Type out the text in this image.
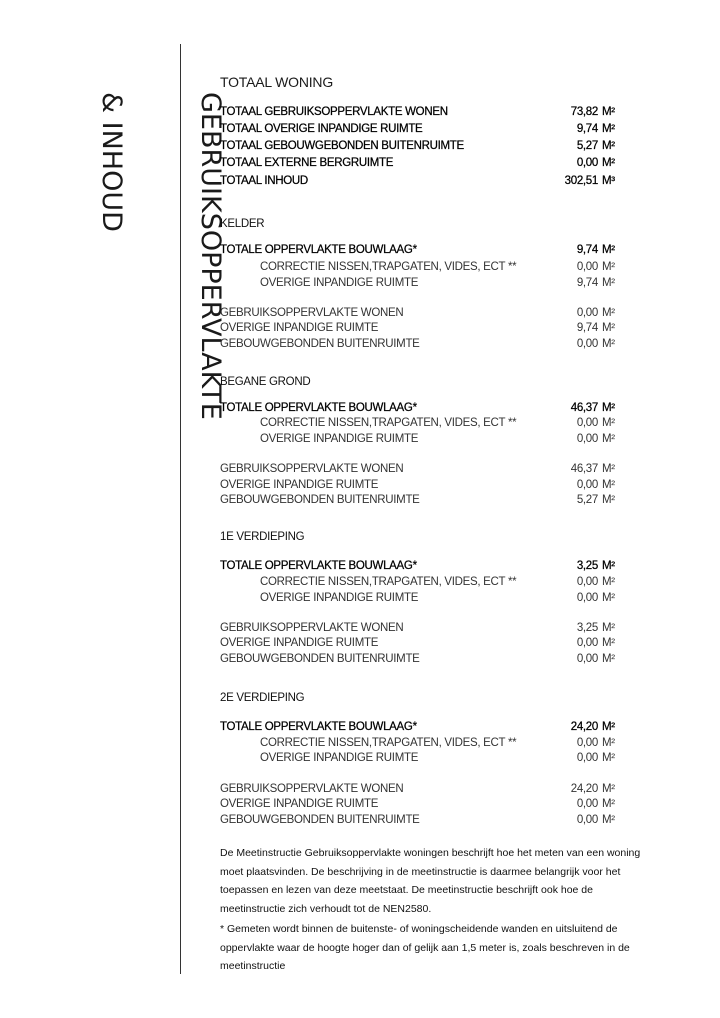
GEBRUIKSOPPERVLAKTE

& INHOUD

TOTAAL WONING
TOTAAL GEBRUIKSOPPERVLAKTE WONEN	73,82 M²
TOTAAL OVERIGE INPANDIGE RUIMTE	9,74 M²
TOTAAL GEBOUWGEBONDEN BUITENRUIMTE	5,27 M²
TOTAAL EXTERNE BERGRUIMTE	0,00 M²
TOTAAL INHOUD	302,51 M³
KELDER
TOTALE OPPERVLAKTE BOUWLAAG*	9,74 M²
CORRECTIE NISSEN,TRAPGATEN, VIDES, ECT **	0,00 M²
OVERIGE INPANDIGE RUIMTE	9,74 M²
GEBRUIKSOPPERVLAKTE WONEN	0,00 M²
OVERIGE INPANDIGE RUIMTE	9,74 M²
GEBOUWGEBONDEN BUITENRUIMTE	0,00 M²
BEGANE GROND
TOTALE OPPERVLAKTE BOUWLAAG*	46,37 M²
CORRECTIE NISSEN,TRAPGATEN, VIDES, ECT **	0,00 M²
OVERIGE INPANDIGE RUIMTE	0,00 M²
GEBRUIKSOPPERVLAKTE WONEN	46,37 M²
OVERIGE INPANDIGE RUIMTE	0,00 M²
GEBOUWGEBONDEN BUITENRUIMTE	5,27 M²
1E VERDIEPING
TOTALE OPPERVLAKTE BOUWLAAG*	3,25 M²
CORRECTIE NISSEN,TRAPGATEN, VIDES, ECT **	0,00 M²
OVERIGE INPANDIGE RUIMTE	0,00 M²
GEBRUIKSOPPERVLAKTE WONEN	3,25 M²
OVERIGE INPANDIGE RUIMTE	0,00 M²
GEBOUWGEBONDEN BUITENRUIMTE	0,00 M²
2E VERDIEPING
TOTALE OPPERVLAKTE BOUWLAAG*	24,20 M²
CORRECTIE NISSEN,TRAPGATEN, VIDES, ECT **	0,00 M²
OVERIGE INPANDIGE RUIMTE	0,00 M²
GEBRUIKSOPPERVLAKTE WONEN	24,20 M²
OVERIGE INPANDIGE RUIMTE	0,00 M²
GEBOUWGEBONDEN BUITENRUIMTE	0,00 M²
De Meetinstructie Gebruiksoppervlakte woningen beschrijft hoe het meten van een woning moet plaatsvinden. De beschrijving in de meetinstructie is daarmee belangrijk voor het toepassen en lezen van deze meetstaat. De meetinstructie beschrijft ook hoe de meetinstructie zich verhoudt tot de NEN2580.
* Gemeten wordt binnen de buitenste- of woningscheidende wanden en uitsluitend de oppervlakte waar de hoogte hoger dan of gelijk aan 1,5 meter is, zoals beschreven in de meetinstructie
